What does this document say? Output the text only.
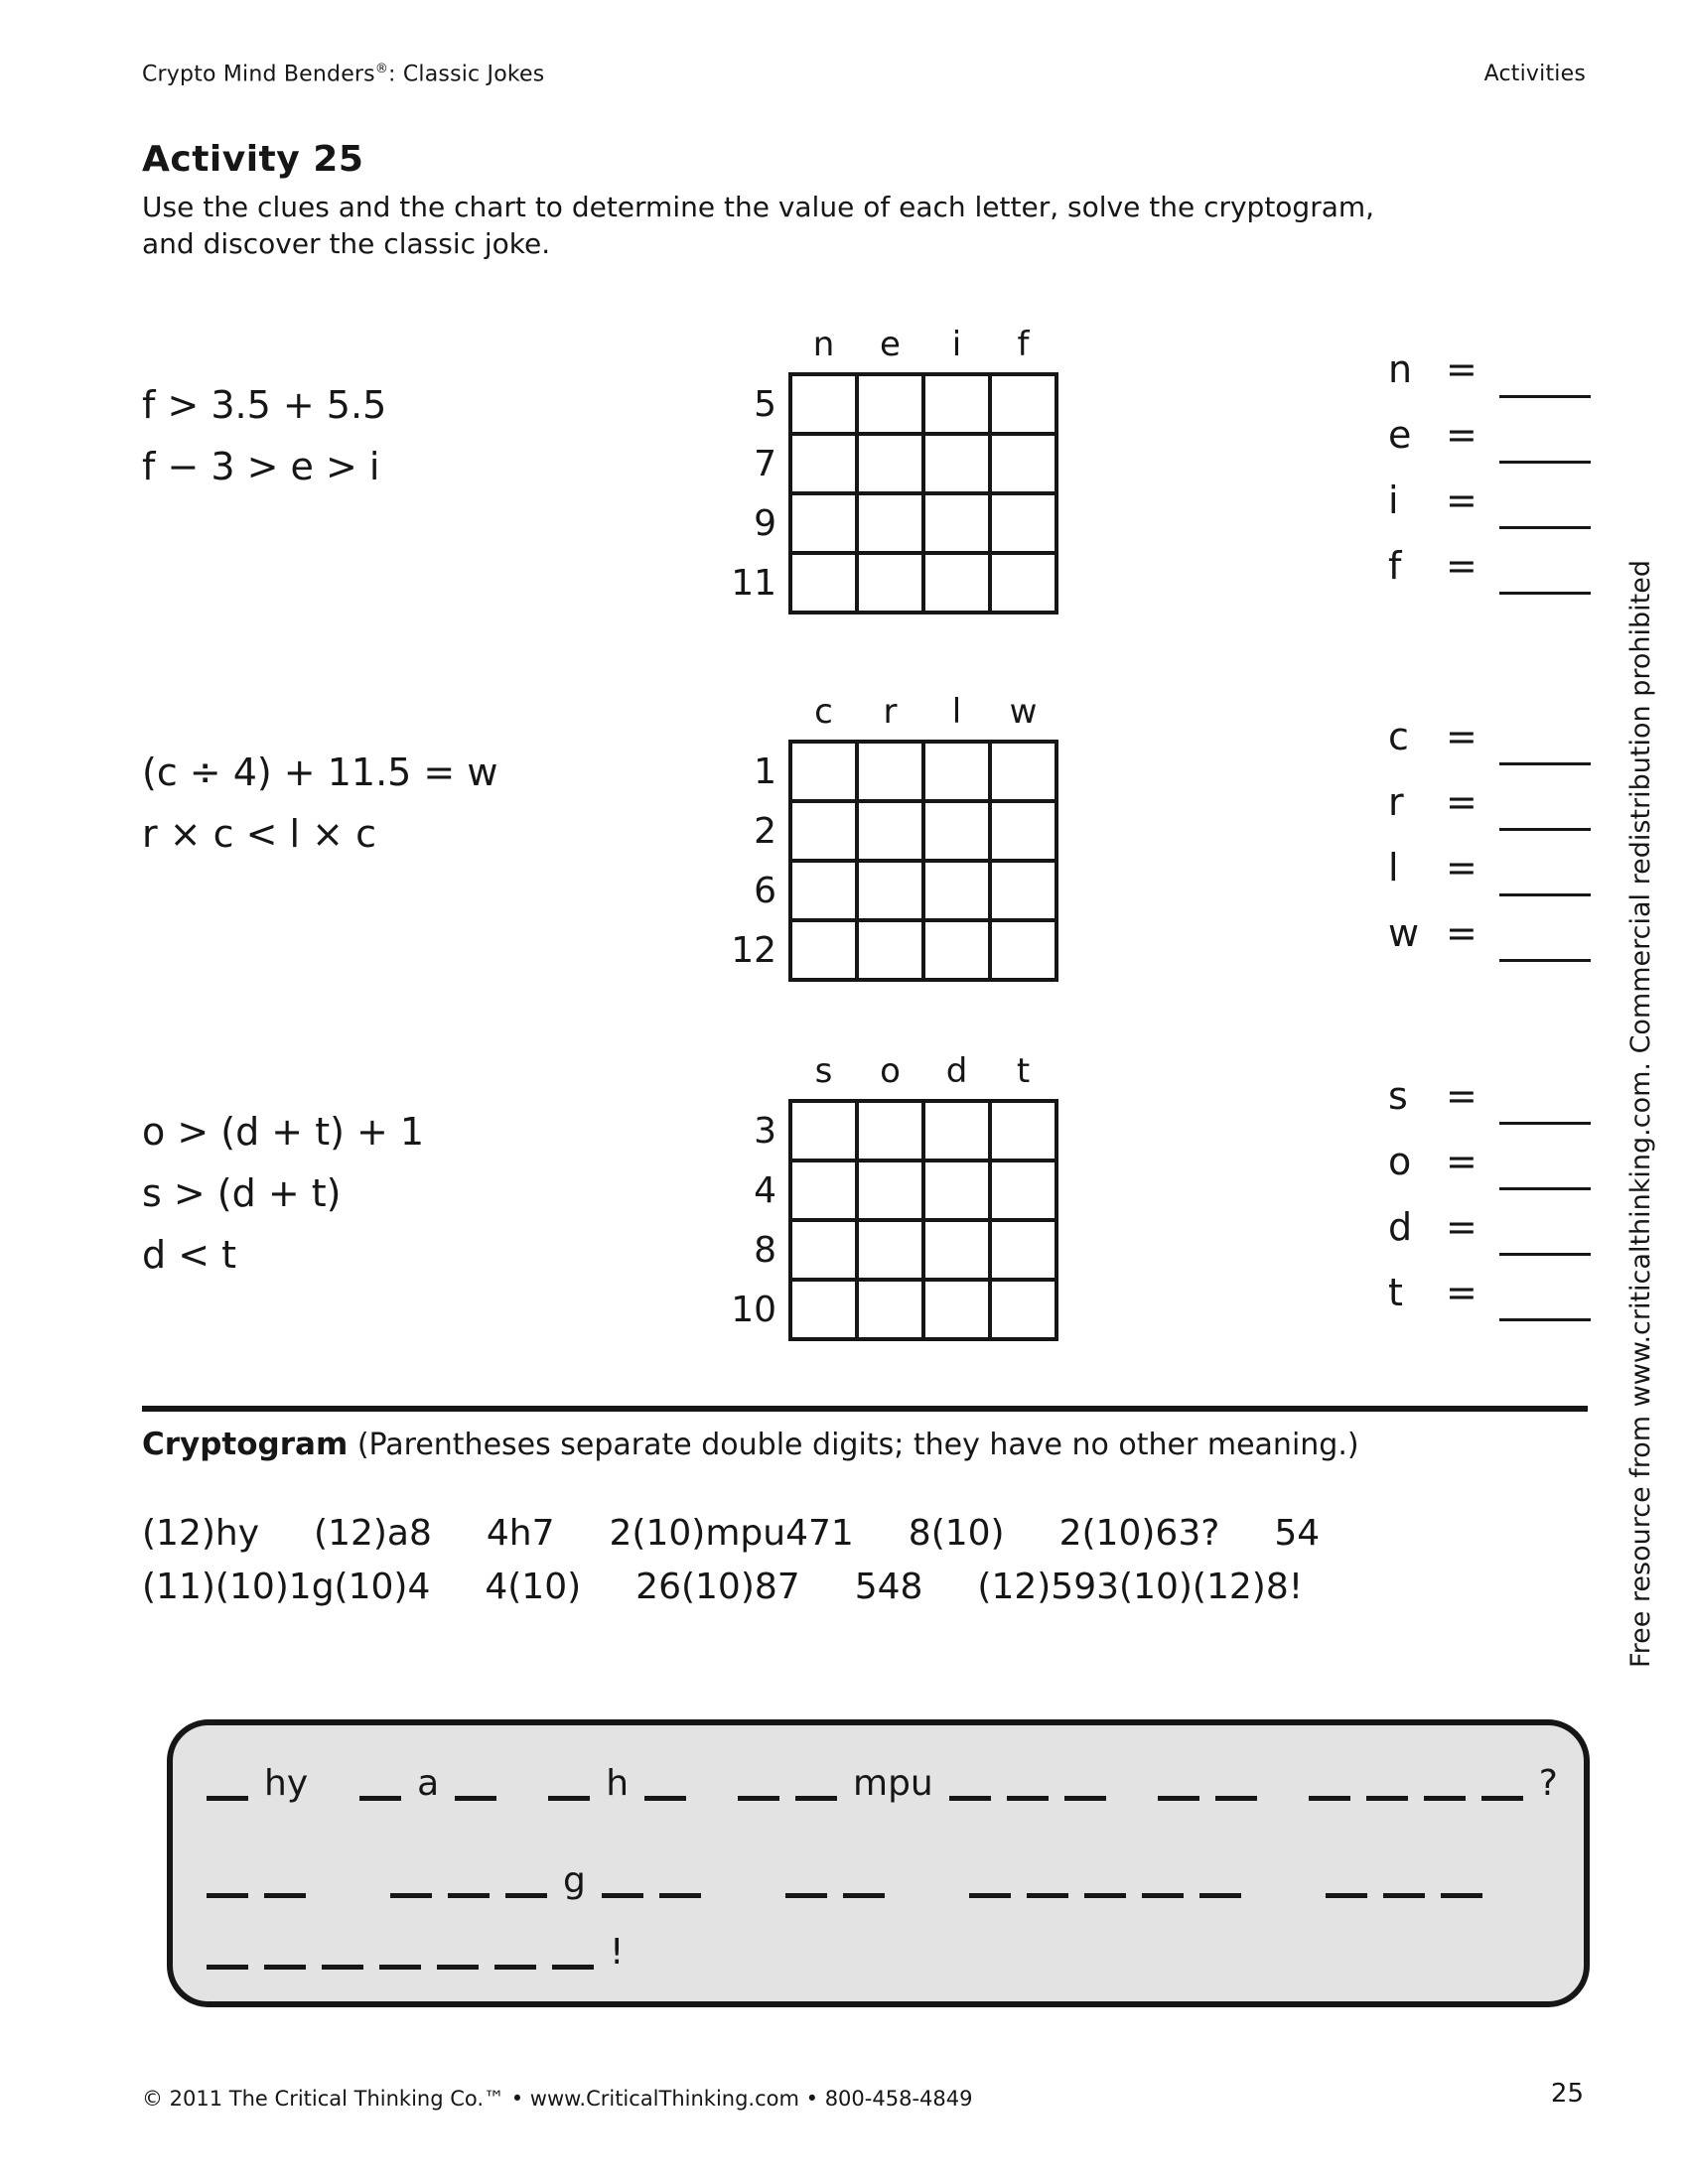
Crypto Mind Benders®: Classic Jokes	Activities
Activity 25
Use the clues and the chart to determine the value of each letter, solve the cryptogram,
and discover the classic joke.
f > 3.5 + 5.5
f − 3 > e > i
	n	e	i	f
5				
7				
9				
11				
n =
e =
i =
f =
(c ÷ 4) + 11.5 = w
r × c < l × c
	c	r	l	w
1				
2				
6				
12				
c =
r =
l =
w =
o > (d + t) + 1
s > (d + t)
d < t
	s	o	d	t
3				
4				
8				
10				
s =
o =
d =
t =
Cryptogram (Parentheses separate double digits; they have no other meaning.)
(12)hy (12)a8 4h7 2(10)mpu471 8(10) 2(10)63? 54
(11)(10)1g(10)4 4(10) 26(10)87 548 (12)593(10)(12)8!
hy	a	h	mpu	?
g
!
Free resource from www.criticalthinking.com. Commercial redistribution prohibited
© 2011 The Critical Thinking Co.™ • www.CriticalThinking.com • 800-458-4849	25
